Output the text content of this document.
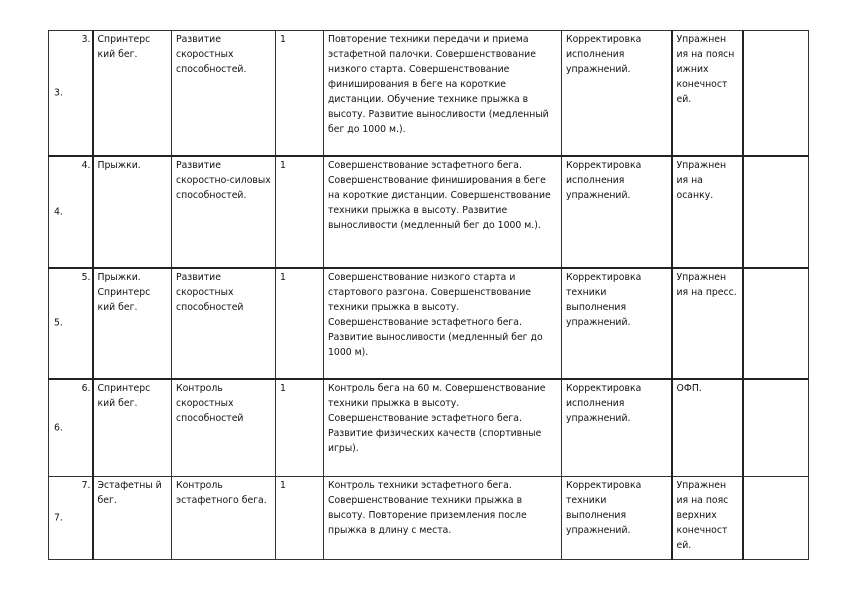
3.
3.	Спринтерс кий бег.	Развитие скоростных способностей.	1	Повторение техники передачи и приема эстафетной палочки. Совершенствование низкого старта. Совершенствование финиширования в беге на короткие дистанции. Обучение технике прыжка в высоту. Развитие выносливости (медленный бег до 1000 м.).	Корректировка исполнения упражнений.	Упражнен ия на поясн ижних конечност ей.	

4.
4.	Прыжки.	Развитие скоростно-силовых способностей.	1	Совершенствование эстафетного бега. Совершенствование финиширования в беге на короткие дистанции. Совершенствование техники прыжка в высоту. Развитие выносливости (медленный бег до 1000 м.).	Корректировка исполнения упражнений.	Упражнен ия на осанку.	

5.
5.	Прыжки. Спринтерс кий бег.	Развитие скоростных способностей	1	Совершенствование низкого старта и стартового разгона. Совершенствование техники прыжка в высоту. Совершенствование эстафетного бега. Развитие выносливости (медленный бег до 1000 м).	Корректировка техники выполнения упражнений.	Упражнен ия на пресс.	

6.
6.	Спринтерс кий бег.	Контроль скоростных способностей	1	Контроль бега на 60 м. Совершенствование техники прыжка в высоту. Совершенствование эстафетного бега. Развитие физических качеств (спортивные игры).	Корректировка исполнения упражнений.	ОФП.	

7.
7.	Эстафетны й бег.	Контроль эстафетного бега.	1	Контроль техники эстафетного бега. Совершенствование техники прыжка в высоту. Повторение приземления после прыжка в длину с места.	Корректировка техники выполнения упражнений.	Упражнен ия на пояс верхних конечност ей.	
